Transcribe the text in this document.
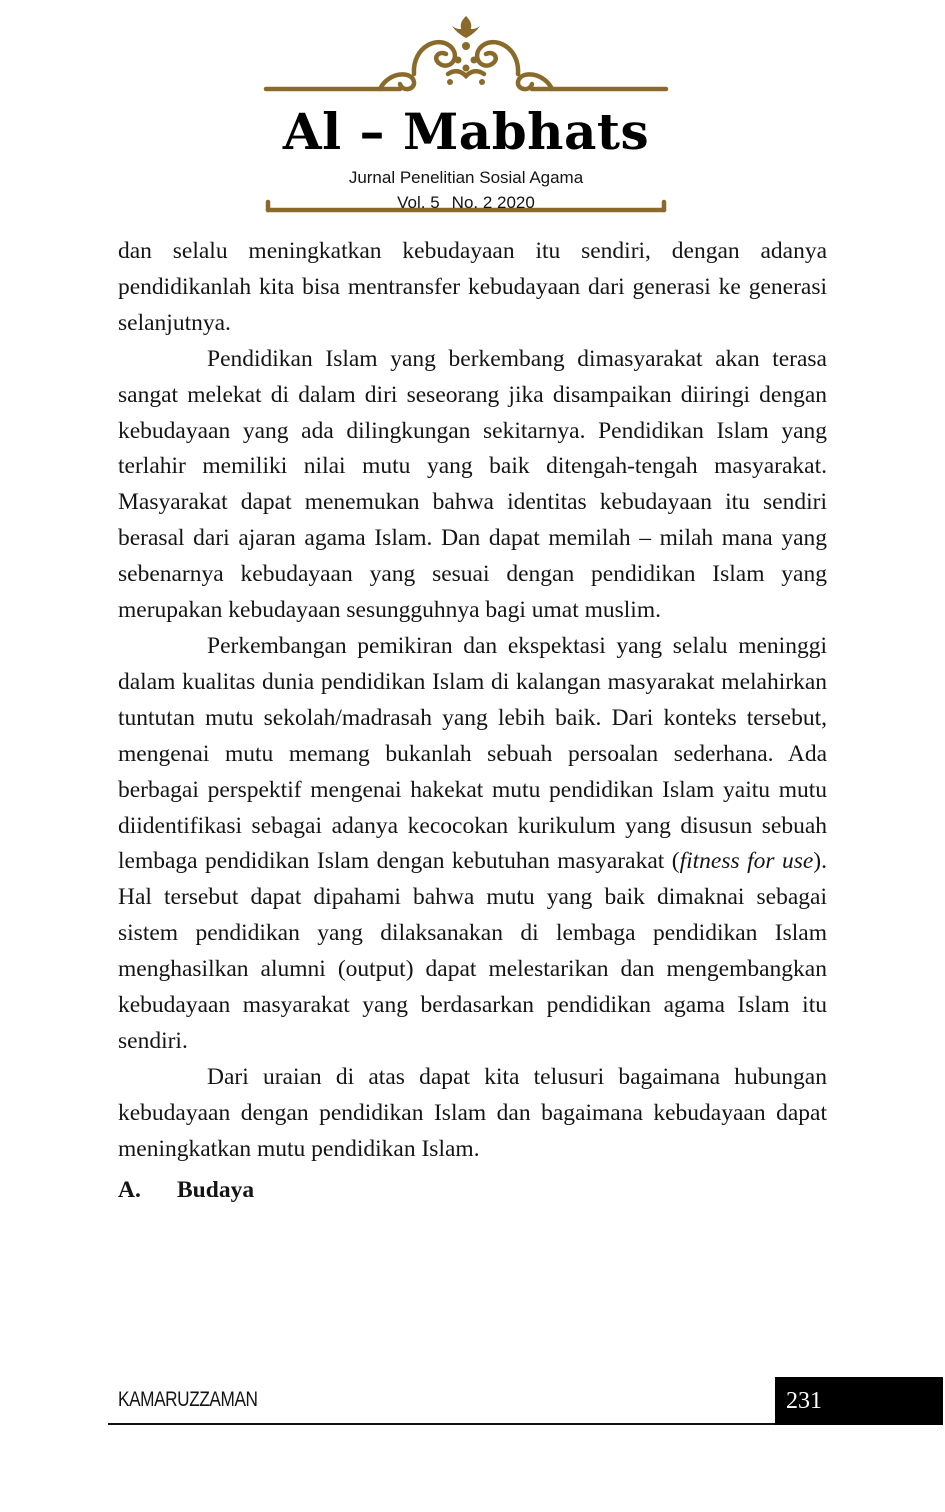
Al – Mabhats
Jurnal Penelitian Sosial Agama
Vol. 5 No. 2 2020

dan selalu meningkatkan kebudayaan itu sendiri, dengan adanya pendidikanlah kita bisa mentransfer kebudayaan dari generasi ke generasi selanjutnya.

Pendidikan Islam yang berkembang dimasyarakat akan terasa sangat melekat di dalam diri seseorang jika disampaikan diiringi dengan kebudayaan yang ada dilingkungan sekitarnya. Pendidikan Islam yang terlahir memiliki nilai mutu yang baik ditengah-tengah masyarakat. Masyarakat dapat menemukan bahwa identitas kebudayaan itu sendiri berasal dari ajaran agama Islam. Dan dapat memilah – milah mana yang sebenarnya kebudayaan yang sesuai dengan pendidikan Islam yang merupakan kebudayaan sesungguhnya bagi umat muslim.

Perkembangan pemikiran dan ekspektasi yang selalu meninggi dalam kualitas dunia pendidikan Islam di kalangan masyarakat melahirkan tuntutan mutu sekolah/madrasah yang lebih baik. Dari konteks tersebut, mengenai mutu memang bukanlah sebuah persoalan sederhana. Ada berbagai perspektif mengenai hakekat mutu pendidikan Islam yaitu mutu diidentifikasi sebagai adanya kecocokan kurikulum yang disusun sebuah lembaga pendidikan Islam dengan kebutuhan masyarakat (fitness for use). Hal tersebut dapat dipahami bahwa mutu yang baik dimaknai sebagai sistem pendidikan yang dilaksanakan di lembaga pendidikan Islam menghasilkan alumni (output) dapat melestarikan dan mengembangkan kebudayaan masyarakat yang berdasarkan pendidikan agama Islam itu sendiri.

Dari uraian di atas dapat kita telusuri bagaimana hubungan kebudayaan dengan pendidikan Islam dan bagaimana kebudayaan dapat meningkatkan mutu pendidikan Islam.

A. Budaya
KAMARUZZAMAN	231
